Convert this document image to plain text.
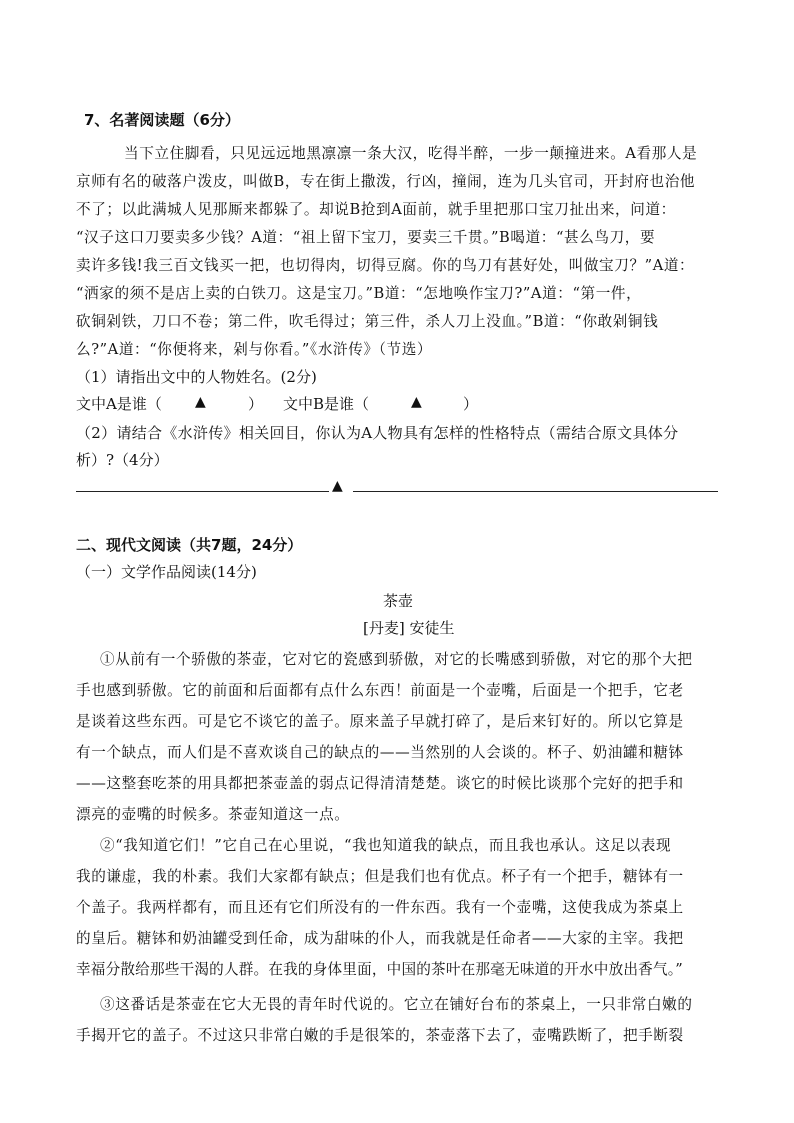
7、名著阅读题（6分）
当下立住脚看，只见远远地黑凛凛一条大汉，吃得半醉，一步一颠撞进来。A看那人是
京师有名的破落户泼皮，叫做B，专在街上撒泼，行凶，撞闹，连为几头官司，开封府也治他
不了；以此满城人见那厮来都躲了。却说B抢到A面前，就手里把那口宝刀扯出来，问道：
“汉子这口刀要卖多少钱？A道：“祖上留下宝刀，要卖三千贯。”B喝道：“甚么鸟刀，要
卖许多钱!我三百文钱买一把，也切得肉，切得豆腐。你的鸟刀有甚好处，叫做宝刀？”A道：
“洒家的须不是店上卖的白铁刀。这是宝刀。”B道：“怎地唤作宝刀?”A道：“第一件，
砍铜剁铁，刀口不卷；第二件，吹毛得过；第三件，杀人刀上没血。”B道：“你敢剁铜钱
么?”A道：“你便将来，剁与你看。”《水浒传》（节选）
（1）请指出文中的人物姓名。(2分)
文中A是谁（ ▲	） 文中B是谁（	▲	）
（2）请结合《水浒传》相关回目，你认为A人物具有怎样的性格特点（需结合原文具体分
析）?（4分）
▲
二、现代文阅读（共7题，24分）
（一）文学作品阅读(14分)
茶壶
[丹麦] 安徒生
①从前有一个骄傲的茶壶，它对它的瓷感到骄傲，对它的长嘴感到骄傲，对它的那个大把
手也感到骄傲。它的前面和后面都有点什么东西！前面是一个壶嘴，后面是一个把手，它老
是谈着这些东西。可是它不谈它的盖子。原来盖子早就打碎了，是后来钉好的。所以它算是
有一个缺点，而人们是不喜欢谈自己的缺点的——当然别的人会谈的。杯子、奶油罐和糖钵
——这整套吃茶的用具都把茶壶盖的弱点记得清清楚楚。谈它的时候比谈那个完好的把手和
漂亮的壶嘴的时候多。茶壶知道这一点。
②“我知道它们！”它自己在心里说，“我也知道我的缺点，而且我也承认。这足以表现
我的谦虚，我的朴素。我们大家都有缺点；但是我们也有优点。杯子有一个把手，糖钵有一
个盖子。我两样都有，而且还有它们所没有的一件东西。我有一个壶嘴，这使我成为茶桌上
的皇后。糖钵和奶油罐受到任命，成为甜味的仆人，而我就是任命者——大家的主宰。我把
幸福分散给那些干渴的人群。在我的身体里面，中国的茶叶在那毫无味道的开水中放出香气。”
③这番话是茶壶在它大无畏的青年时代说的。它立在铺好台布的茶桌上，一只非常白嫩的
手揭开它的盖子。不过这只非常白嫩的手是很笨的，茶壶落下去了，壶嘴跌断了，把手断裂
